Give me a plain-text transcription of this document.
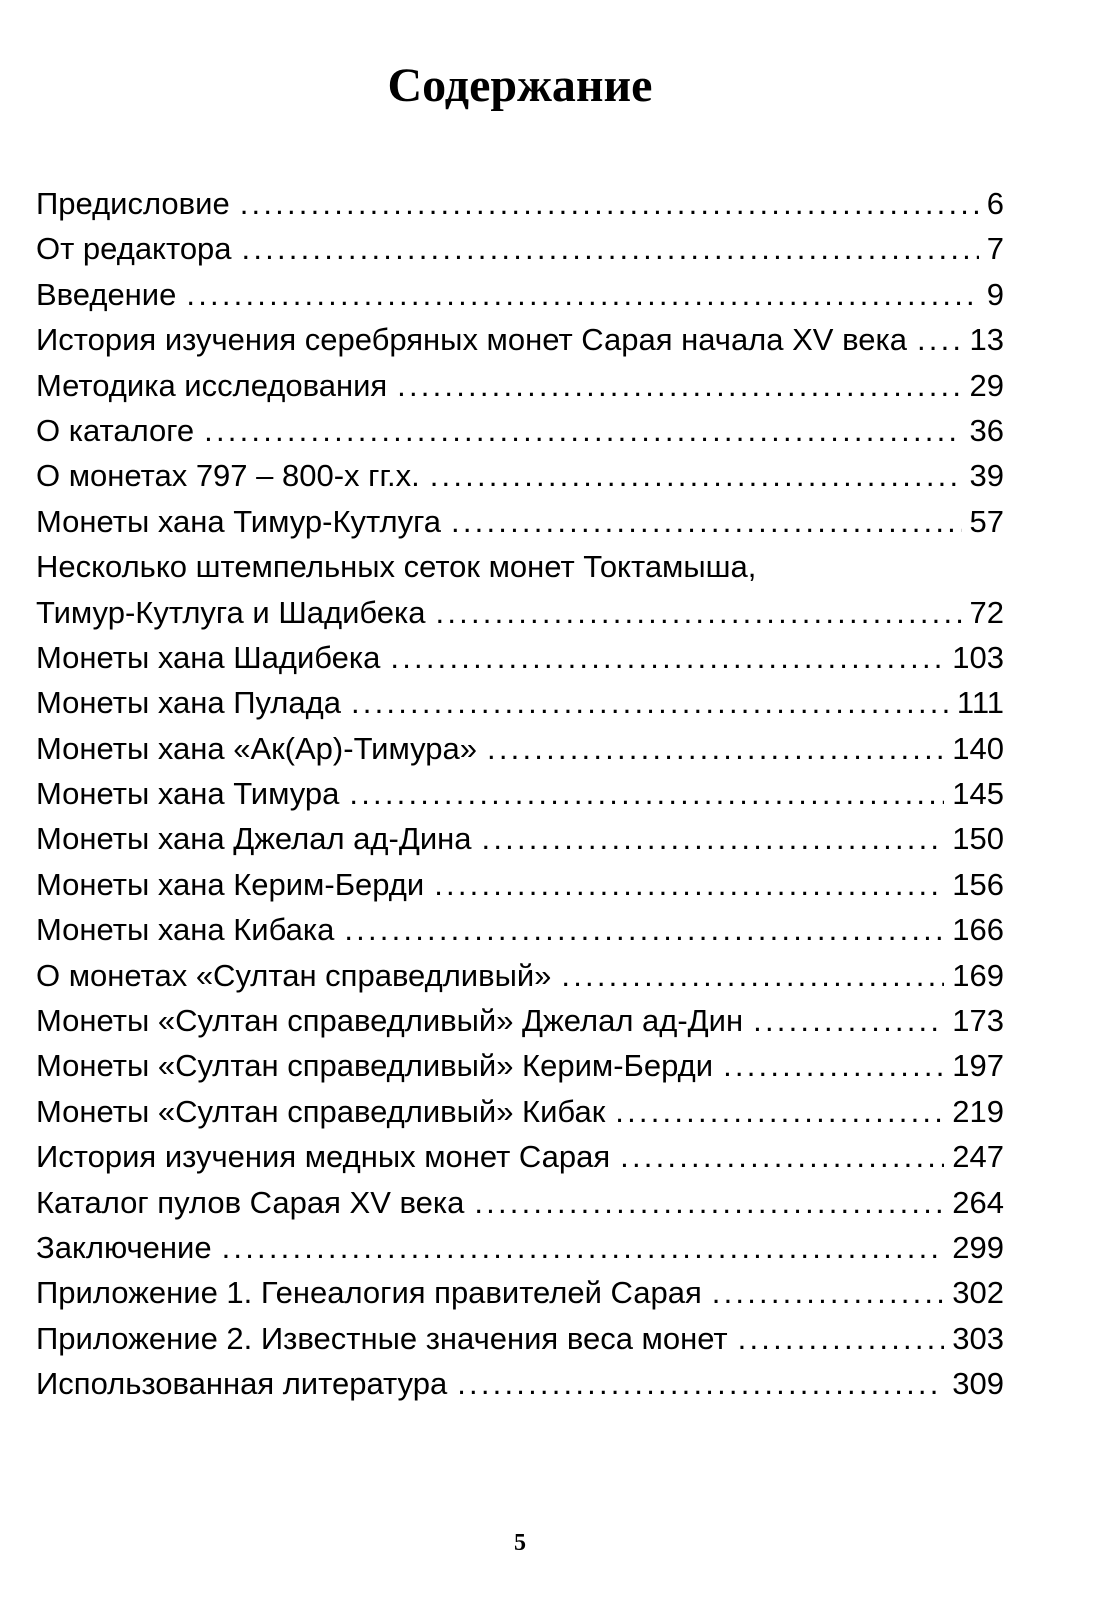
Содержание
Предисловие .....	6
От редактора .....	7
Введение .....	9
История изучения серебряных монет Сарая начала XV века ..... 13
Методика исследования .....	29
О каталоге .....	36
О монетах 797 – 800-х гг.х. .....	39
Монеты хана Тимур-Кутлуга .....	57
Несколько штемпельных сеток монет Токтамыша,
Тимур-Кутлуга и Шадибека .....	72
Монеты хана Шадибека .....	103
Монеты хана Пулада .....	111
Монеты хана «Ак(Ар)-Тимура» .....	140
Монеты хана Тимура .....	145
Монеты хана Джелал ад-Дина .....	150
Монеты хана Керим-Берди .....	156
Монеты хана Кибака .....	166
О монетах «Султан справедливый» .....	169
Монеты «Султан справедливый» Джелал ад-Дин .....	173
Монеты «Султан справедливый» Керим-Берди .....	197
Монеты «Султан справедливый» Кибак .....	219
История изучения медных монет Сарая .....	247
Каталог пулов Сарая XV века .....	264
Заключение .....	299
Приложение 1. Генеалогия правителей Сарая .....	302
Приложение 2. Известные значения веса монет .....	303
Использованная литература .....	309
5
